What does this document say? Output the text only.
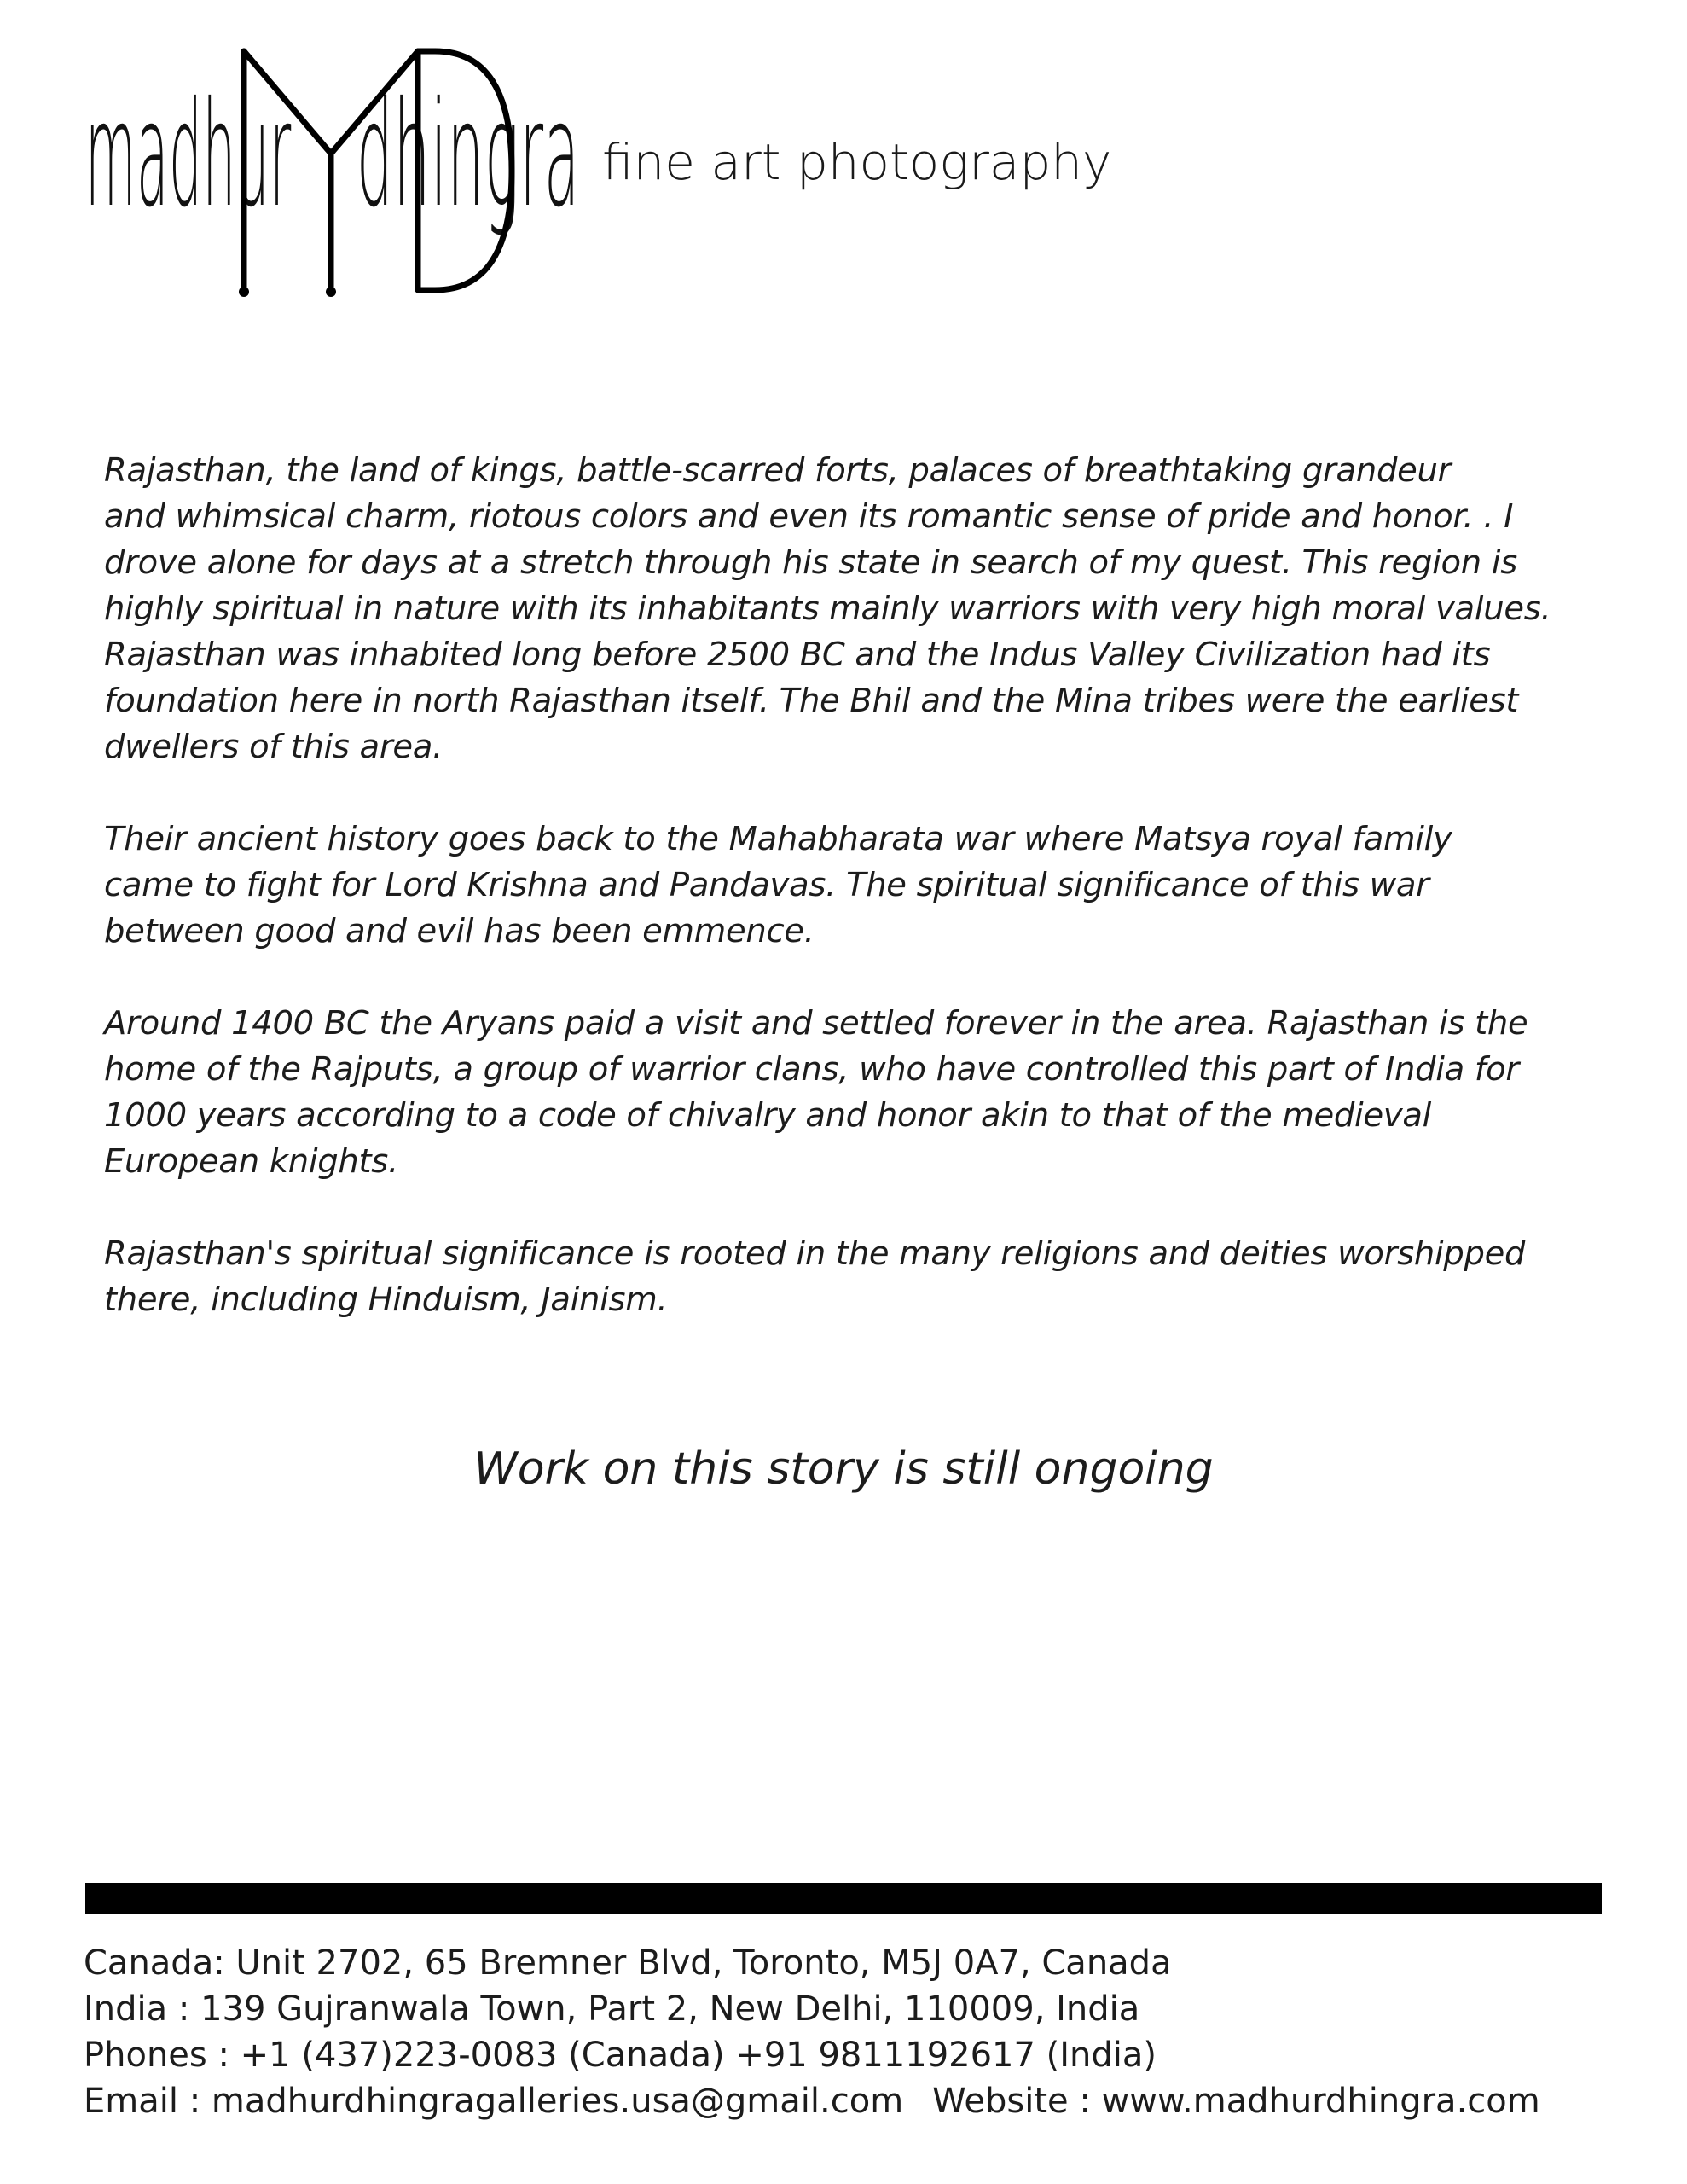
madhur dhingra fine art photography

Rajasthan, the land of kings, battle-scarred forts, palaces of breathtaking grandeur
and whimsical charm, riotous colors and even its romantic sense of pride and honor. . I
drove alone for days at a stretch through his state in search of my quest. This region is
highly spiritual in nature with its inhabitants mainly warriors with very high moral values.
Rajasthan was inhabited long before 2500 BC and the Indus Valley Civilization had its
foundation here in north Rajasthan itself. The Bhil and the Mina tribes were the earliest
dwellers of this area.

Their ancient history goes back to the Mahabharata war where Matsya royal family
came to fight for Lord Krishna and Pandavas. The spiritual significance of this war
between good and evil has been emmence.

Around 1400 BC the Aryans paid a visit and settled forever in the area. Rajasthan is the
home of the Rajputs, a group of warrior clans, who have controlled this part of India for
1000 years according to a code of chivalry and honor akin to that of the medieval
European knights.

Rajasthan's spiritual significance is rooted in the many religions and deities worshipped
there, including Hinduism, Jainism.

Work on this story is still ongoing
Canada: Unit 2702, 65 Bremner Blvd, Toronto, M5J 0A7, Canada
India : 139 Gujranwala Town, Part 2, New Delhi, 110009, India
Phones : +1 (437)223-0083 (Canada) +91 9811192617 (India)
Email : madhurdhingragalleries.usa@gmail.com Website : www.madhurdhingra.com
